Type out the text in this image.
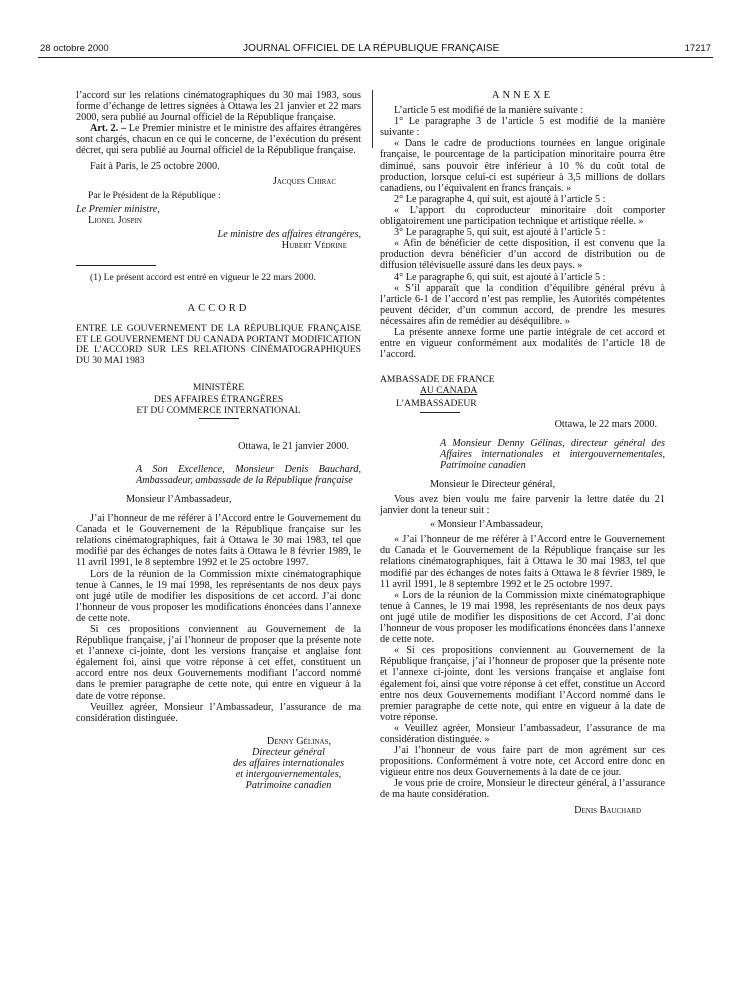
28 octobre 2000	JOURNAL OFFICIEL DE LA RÉPUBLIQUE FRANÇAISE	17217

l’accord sur les relations cinématographiques du 30 mai 1983, sous forme d’échange de lettres signées à Ottawa les 21 janvier et 22 mars 2000, sera publié au Journal officiel de la République française.

Art. 2. – Le Premier ministre et le ministre des affaires étrangères sont chargés, chacun en ce qui le concerne, de l’exécution du présent décret, qui sera publié au Journal officiel de la République française.

Fait à Paris, le 25 octobre 2000.

Jacques Chirac

Par le Président de la République :

Le Premier ministre,

Lionel Jospin

Le ministre des affaires étrangères,

Hubert Védrine

(1) Le présent accord est entré en vigueur le 22 mars 2000.

ACCORD

ENTRE LE GOUVERNEMENT DE LA RÉPUBLIQUE FRANÇAISE ET LE GOUVERNEMENT DU CANADA PORTANT MODIFICATION DE L’ACCORD SUR LES RELATIONS CINÉMATOGRAPHIQUES DU 30 MAI 1983

MINISTÈRE

DES AFFAIRES ÉTRANGÈRES

ET DU COMMERCE INTERNATIONAL

Ottawa, le 21 janvier 2000.

A Son Excellence, Monsieur Denis Bauchard, Ambassadeur, ambassade de la République française

Monsieur l’Ambassadeur,

J’ai l’honneur de me référer à l’Accord entre le Gouvernement du Canada et le Gouvernement de la République française sur les relations cinématographiques, fait à Ottawa le 30 mai 1983, tel que modifié par des échanges de notes faits à Ottawa le 8 février 1989, le 11 avril 1991, le 8 septembre 1992 et le 25 octobre 1997.

Lors de la réunion de la Commission mixte cinématographique tenue à Cannes, le 19 mai 1998, les représentants de nos deux pays ont jugé utile de modifier les dispositions de cet accord. J’ai donc l’honneur de vous proposer les modifications énoncées dans l’annexe de cette note.

Si ces propositions conviennent au Gouvernement de la République française, j’ai l’honneur de proposer que la présente note et l’annexe ci-jointe, dont les versions française et anglaise font également foi, ainsi que votre réponse à cet effet, constituent un accord entre nos deux Gouvernements modifiant l’accord nommé dans le premier paragraphe de cette note, qui entre en vigueur à la date de votre réponse.

Veuillez agréer, Monsieur l’Ambassadeur, l’assurance de ma considération distinguée.

Denny Gélinas,

Directeur général

des affaires internationales

et intergouvernementales,

Patrimoine canadien

ANNEXE

L’article 5 est modifié de la manière suivante :

1° Le paragraphe 3 de l’article 5 est modifié de la manière suivante :

« Dans le cadre de productions tournées en langue originale française, le pourcentage de la participation minoritaire pourra être diminué, sans pouvoir être inférieur à 10 % du coût total de production, lorsque celui-ci est supérieur à 3,5 millions de dollars canadiens, ou l’équivalent en francs français. »

2° Le paragraphe 4, qui suit, est ajouté à l’article 5 :

« L’apport du coproducteur minoritaire doit comporter obligatoirement une participation technique et artistique réelle. »

3° Le paragraphe 5, qui suit, est ajouté à l’article 5 :

« Afin de bénéficier de cette disposition, il est convenu que la production devra bénéficier d’un accord de distribution ou de diffusion télévisuelle assuré dans les deux pays. »

4° Le paragraphe 6, qui suit, est ajouté à l’article 5 :

« S’il apparaît que la condition d’équilibre général prévu à l’article 6-1 de l’accord n’est pas remplie, les Autorités compétentes peuvent décider, d’un commun accord, de prendre les mesures nécessaires afin de remédier au déséquilibre. »

La présente annexe forme une partie intégrale de cet accord et entre en vigueur conformément aux modalités de l’article 18 de l’accord.

AMBASSADE DE FRANCE

AU CANADA

L’AMBASSADEUR

Ottawa, le 22 mars 2000.

A Monsieur Denny Gélinas, directeur général des Affaires internationales et intergouvernementales, Patrimoine canadien

Monsieur le Directeur général,

Vous avez bien voulu me faire parvenir la lettre datée du 21 janvier dont la teneur suit :

« Monsieur l’Ambassadeur,

« J’ai l’honneur de me référer à l’Accord entre le Gouvernement du Canada et le Gouvernement de la République française sur les relations cinématographiques, fait à Ottawa le 30 mai 1983, tel que modifié par des échanges de notes faits à Ottawa le 8 février 1989, le 11 avril 1991, le 8 septembre 1992 et le 25 octobre 1997.

« Lors de la réunion de la Commission mixte cinématographique tenue à Cannes, le 19 mai 1998, les représentants de nos deux pays ont jugé utile de modifier les dispositions de cet Accord. J’ai donc l’honneur de vous proposer les modifications énoncées dans l’annexe de cette note.

« Si ces propositions conviennent au Gouvernement de la République française, j’ai l’honneur de proposer que la présente note et l’annexe ci-jointe, dont les versions française et anglaise font également foi, ainsi que votre réponse à cet effet, constitue un Accord entre nos deux Gouvernements modifiant l’Accord nommé dans le premier paragraphe de cette note, qui entre en vigueur à la date de votre réponse.

« Veuillez agréer, Monsieur l’ambassadeur, l’assurance de ma considération distinguée. »

J’ai l’honneur de vous faire part de mon agrément sur ces propositions. Conformément à votre note, cet Accord entre donc en vigueur entre nos deux Gouvernements à la date de ce jour.

Je vous prie de croire, Monsieur le directeur général, à l’assurance de ma haute considération.

Denis Bauchard
